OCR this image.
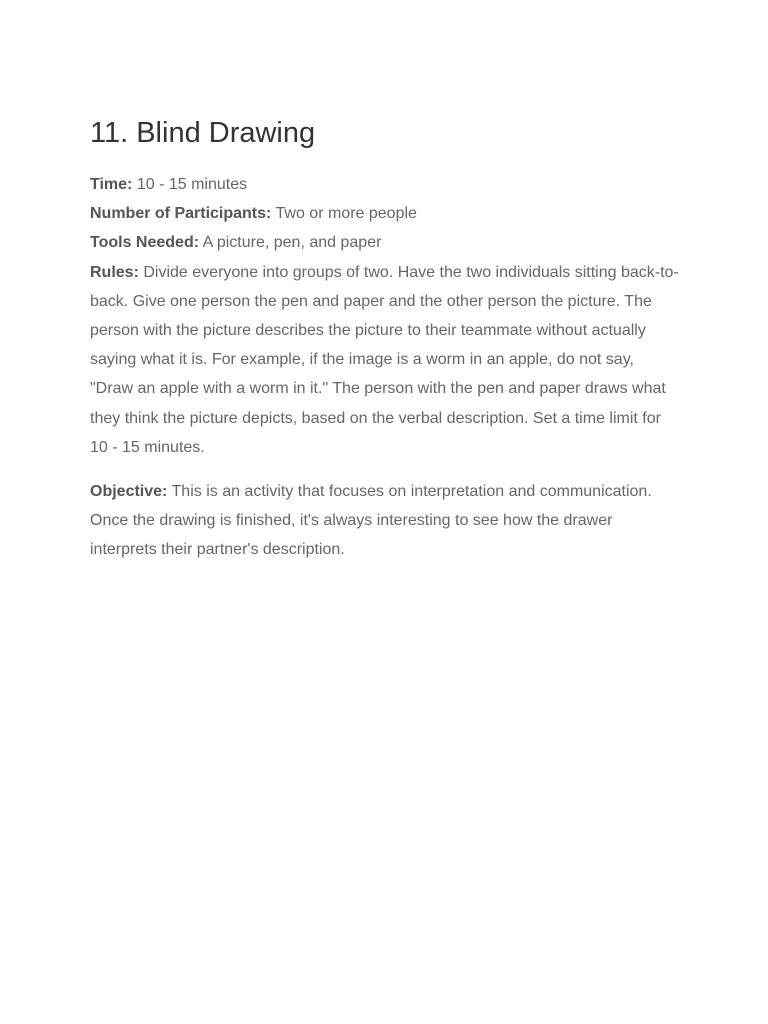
11. Blind Drawing

Time: 10 - 15 minutes

Number of Participants: Two or more people

Tools Needed: A picture, pen, and paper

Rules: Divide everyone into groups of two. Have the two individuals sitting back-to-back. Give one person the pen and paper and the other person the picture. The person with the picture describes the picture to their teammate without actually saying what it is. For example, if the image is a worm in an apple, do not say, "Draw an apple with a worm in it." The person with the pen and paper draws what they think the picture depicts, based on the verbal description. Set a time limit for 10 - 15 minutes.

Objective: This is an activity that focuses on interpretation and communication. Once the drawing is finished, it's always interesting to see how the drawer interprets their partner's description.
